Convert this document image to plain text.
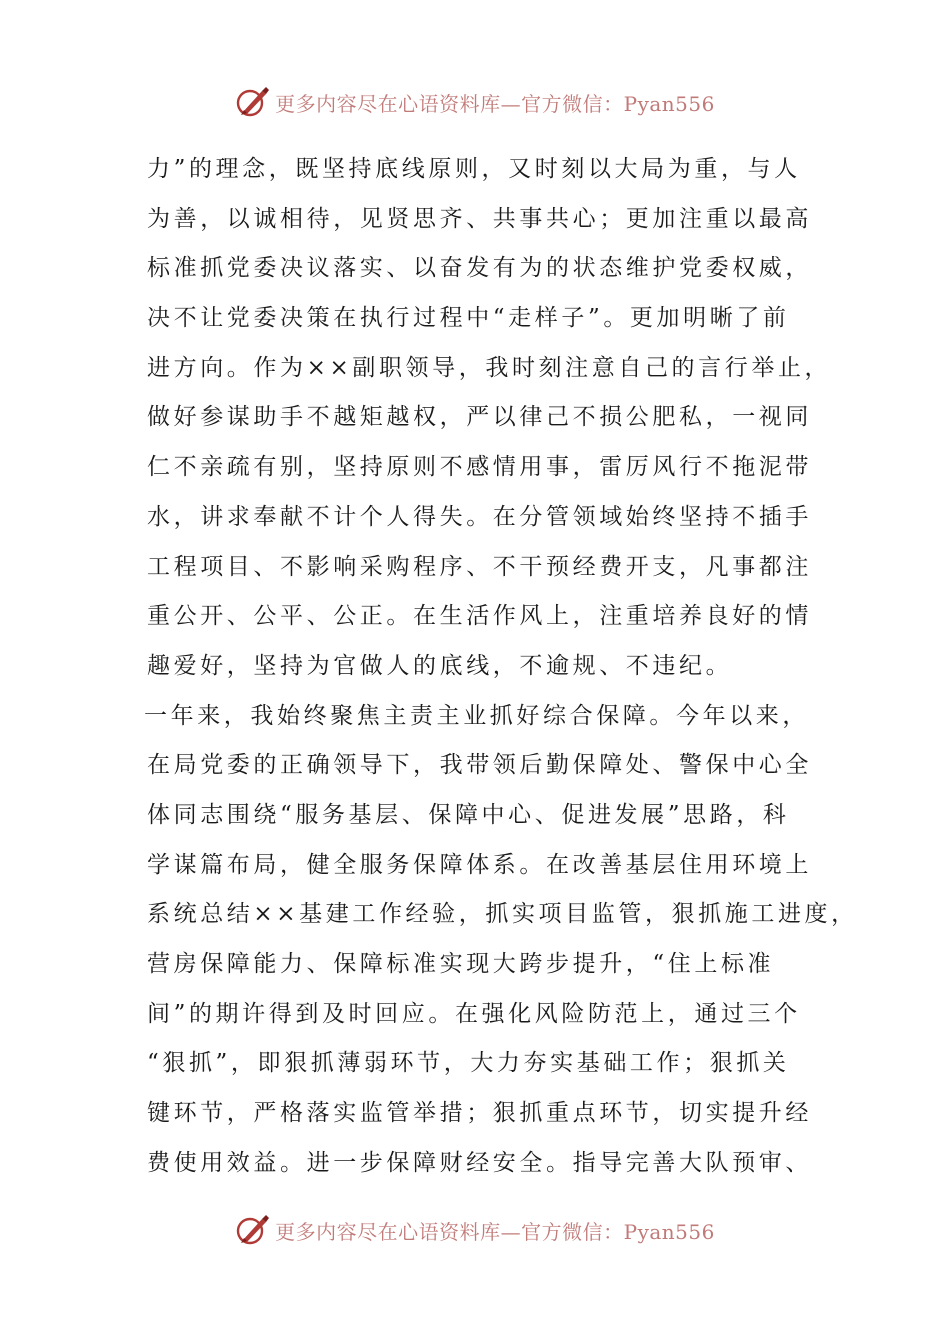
更多内容尽在心语资料库—官方微信：Pyan556
力”的理念，既坚持底线原则，又时刻以大局为重，与人
为善，以诚相待，见贤思齐、共事共心；更加注重以最高
标准抓党委决议落实、以奋发有为的状态维护党委权威，
决不让党委决策在执行过程中“走样子”。更加明晰了前
进方向。作为××副职领导，我时刻注意自己的言行举止，
做好参谋助手不越矩越权，严以律己不损公肥私，一视同
仁不亲疏有别，坚持原则不感情用事，雷厉风行不拖泥带
水，讲求奉献不计个人得失。在分管领域始终坚持不插手
工程项目、不影响采购程序、不干预经费开支，凡事都注
重公开、公平、公正。在生活作风上，注重培养良好的情
趣爱好，坚持为官做人的底线，不逾规、不违纪。
一年来，我始终聚焦主责主业抓好综合保障。今年以来，
在局党委的正确领导下，我带领后勤保障处、警保中心全
体同志围绕“服务基层、保障中心、促进发展”思路，科
学谋篇布局，健全服务保障体系。在改善基层住用环境上
系统总结××基建工作经验，抓实项目监管，狠抓施工进度，
营房保障能力、保障标准实现大跨步提升，“住上标准
间”的期许得到及时回应。在强化风险防范上，通过三个
“狠抓”，即狠抓薄弱环节，大力夯实基础工作；狠抓关
键环节，严格落实监管举措；狠抓重点环节，切实提升经
费使用效益。进一步保障财经安全。指导完善大队预审、
更多内容尽在心语资料库—官方微信：Pyan556
